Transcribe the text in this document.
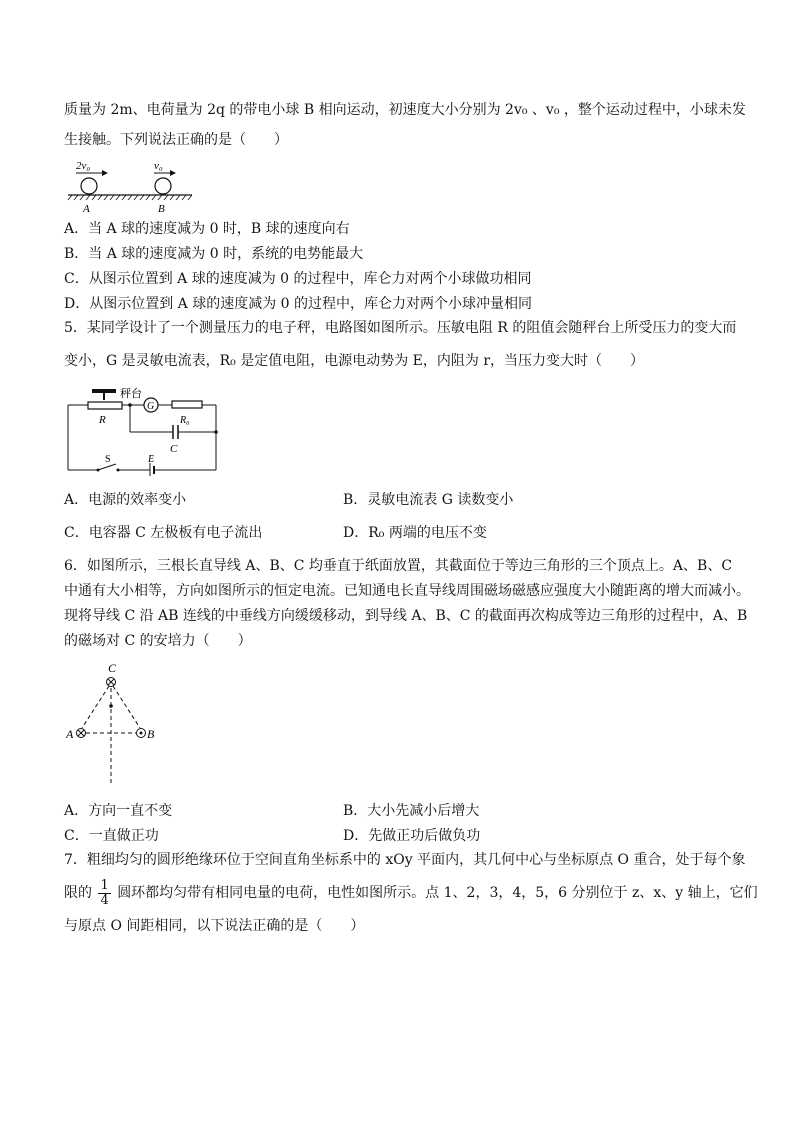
质量为 2m、电荷量为 2q 的带电小球 B 相向运动，初速度大小分别为 2v₀ 、v₀ ，整个运动过程中，小球未发
生接触。下列说法正确的是（　　）
2v₀	v₀
A	B
A．当 A 球的速度减为 0 时，B 球的速度向右
B．当 A 球的速度减为 0 时，系统的电势能最大
C．从图示位置到 A 球的速度减为 0 的过程中，库仑力对两个小球做功相同
D．从图示位置到 A 球的速度减为 0 的过程中，库仑力对两个小球冲量相同
5．某同学设计了一个测量压力的电子秤，电路图如图所示。压敏电阻 R 的阻值会随秤台上所受压力的变大而
变小，G 是灵敏电流表，R₀ 是定值电阻，电源电动势为 E，内阻为 r，当压力变大时（　　）
秤台
R
G
R₀
C
S	E
A．电源的效率变小	B．灵敏电流表 G 读数变小
C．电容器 C 左极板有电子流出	D．R₀ 两端的电压不变
6．如图所示，三根长直导线 A、B、C 均垂直于纸面放置，其截面位于等边三角形的三个顶点上。A、B、C
中通有大小相等，方向如图所示的恒定电流。已知通电长直导线周围磁场磁感应强度大小随距离的增大而减小。
现将导线 C 沿 AB 连线的中垂线方向缓缓移动，到导线 A、B、C 的截面再次构成等边三角形的过程中，A、B
的磁场对 C 的安培力（　　）
C
A	B
A．方向一直不变	B．大小先减小后增大
C．一直做正功	D．先做正功后做负功
7．粗细均匀的圆形绝缘环位于空间直角坐标系中的 xOy 平面内，其几何中心与坐标原点 O 重合，处于每个象
限的 $\frac{1}{4}$ 圆环都均匀带有相同电量的电荷，电性如图所示。点 1、2，3，4，5，6 分别位于 z、x、y 轴上，它们
与原点 O 间距相同，以下说法正确的是（　　）
